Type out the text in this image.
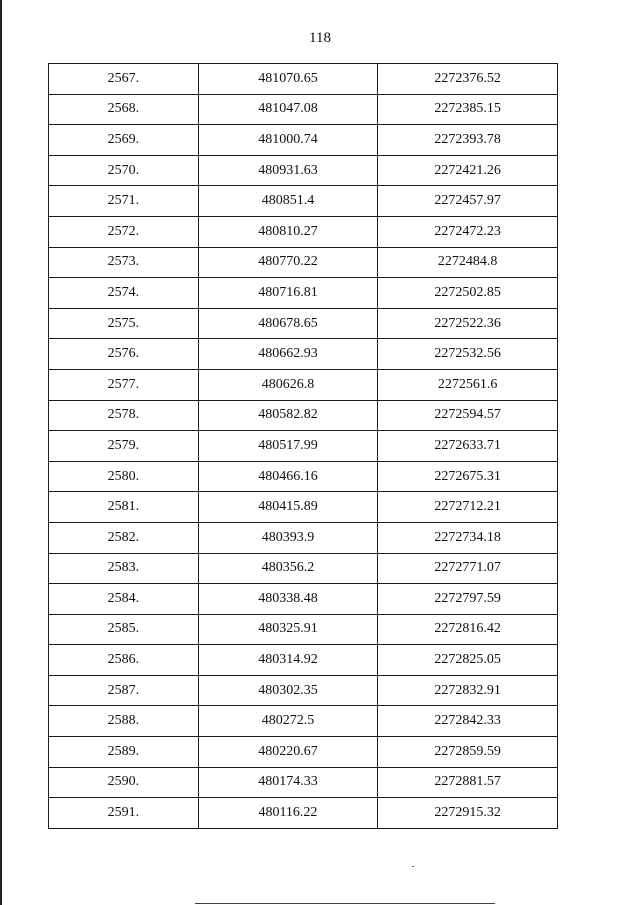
118
2567.	481070.65	2272376.52
2568.	481047.08	2272385.15
2569.	481000.74	2272393.78
2570.	480931.63	2272421.26
2571.	480851.4	2272457.97
2572.	480810.27	2272472.23
2573.	480770.22	2272484.8
2574.	480716.81	2272502.85
2575.	480678.65	2272522.36
2576.	480662.93	2272532.56
2577.	480626.8	2272561.6
2578.	480582.82	2272594.57
2579.	480517.99	2272633.71
2580.	480466.16	2272675.31
2581.	480415.89	2272712.21
2582.	480393.9	2272734.18
2583.	480356.2	2272771.07
2584.	480338.48	2272797.59
2585.	480325.91	2272816.42
2586.	480314.92	2272825.05
2587.	480302.35	2272832.91
2588.	480272.5	2272842.33
2589.	480220.67	2272859.59
2590.	480174.33	2272881.57
2591.	480116.22	2272915.32
